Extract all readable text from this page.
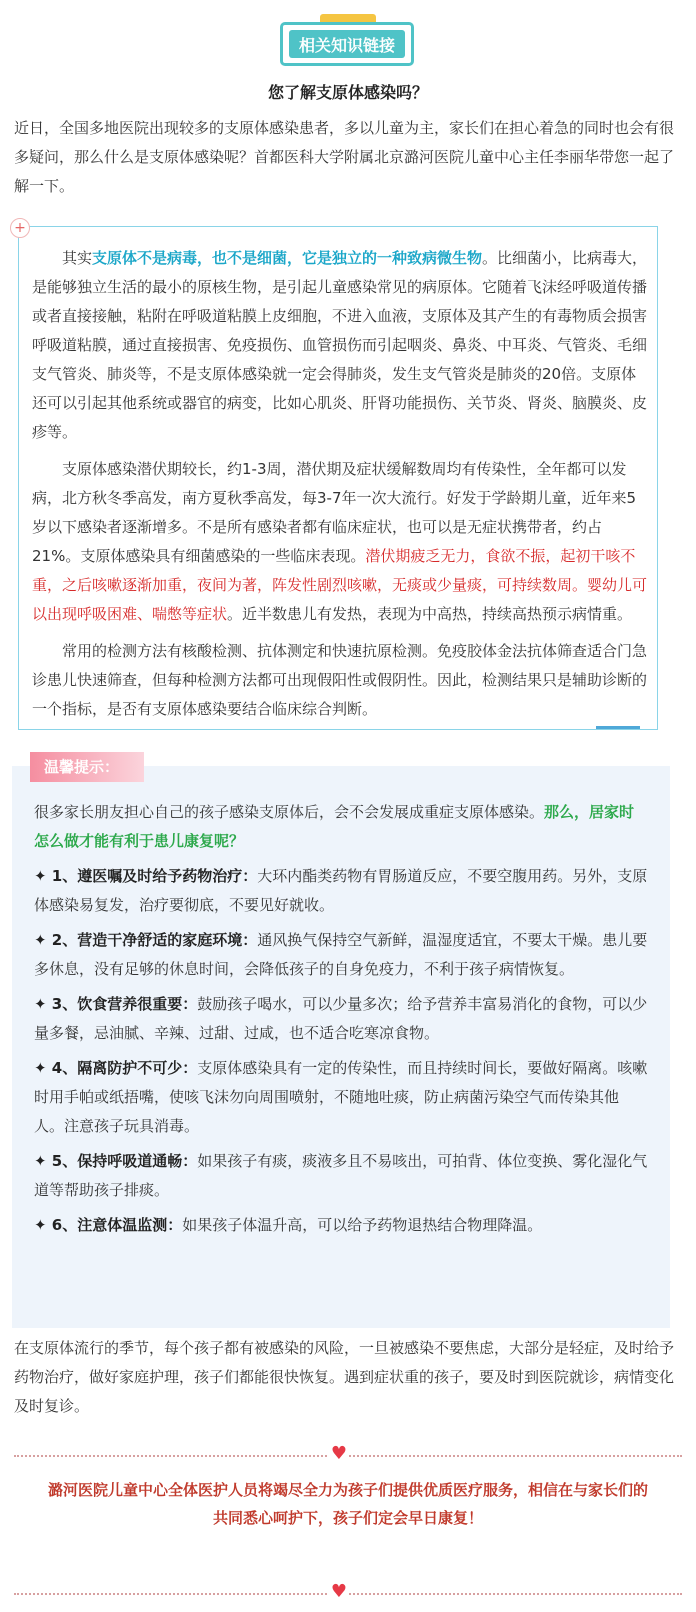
相关知识链接
您了解支原体感染吗？

近日，全国多地医院出现较多的支原体感染患者，多以儿童为主，家长们在担心着急的同时也会有很多疑问，那么什么是支原体感染呢？首都医科大学附属北京潞河医院儿童中心主任李丽华带您一起了解一下。

+

其实支原体不是病毒，也不是细菌，它是独立的一种致病微生物。比细菌小，比病毒大，是能够独立生活的最小的原核生物，是引起儿童感染常见的病原体。它随着飞沫经呼吸道传播或者直接接触，粘附在呼吸道粘膜上皮细胞，不进入血液，支原体及其产生的有毒物质会损害呼吸道粘膜，通过直接损害、免疫损伤、血管损伤而引起咽炎、鼻炎、中耳炎、气管炎、毛细支气管炎、肺炎等，不是支原体感染就一定会得肺炎，发生支气管炎是肺炎的20倍。支原体还可以引起其他系统或器官的病变，比如心肌炎、肝肾功能损伤、关节炎、肾炎、脑膜炎、皮疹等。

支原体感染潜伏期较长，约1-3周，潜伏期及症状缓解数周均有传染性，全年都可以发病，北方秋冬季高发，南方夏秋季高发，每3-7年一次大流行。好发于学龄期儿童，近年来5岁以下感染者逐渐增多。不是所有感染者都有临床症状，也可以是无症状携带者，约占21%。支原体感染具有细菌感染的一些临床表现。潜伏期疲乏无力，食欲不振，起初干咳不重，之后咳嗽逐渐加重，夜间为著，阵发性剧烈咳嗽，无痰或少量痰，可持续数周。婴幼儿可以出现呼吸困难、喘憋等症状。近半数患儿有发热，表现为中高热，持续高热预示病情重。

常用的检测方法有核酸检测、抗体测定和快速抗原检测。免疫胶体金法抗体筛查适合门急诊患儿快速筛查，但每种检测方法都可出现假阳性或假阴性。因此，检测结果只是辅助诊断的一个指标，是否有支原体感染要结合临床综合判断。

温馨提示：

很多家长朋友担心自己的孩子感染支原体后，会不会发展成重症支原体感染。那么，居家时怎么做才能有利于患儿康复呢？

✦ 1、遵医嘱及时给予药物治疗：大环内酯类药物有胃肠道反应，不要空腹用药。另外，支原体感染易复发，治疗要彻底，不要见好就收。

✦ 2、营造干净舒适的家庭环境：通风换气保持空气新鲜，温湿度适宜，不要太干燥。患儿要多休息，没有足够的休息时间，会降低孩子的自身免疫力，不利于孩子病情恢复。

✦ 3、饮食营养很重要：鼓励孩子喝水，可以少量多次；给予营养丰富易消化的食物，可以少量多餐，忌油腻、辛辣、过甜、过咸，也不适合吃寒凉食物。

✦ 4、隔离防护不可少：支原体感染具有一定的传染性，而且持续时间长，要做好隔离。咳嗽时用手帕或纸捂嘴，使咳飞沫勿向周围喷射，不随地吐痰，防止病菌污染空气而传染其他人。注意孩子玩具消毒。

✦ 5、保持呼吸道通畅：如果孩子有痰，痰液多且不易咳出，可拍背、体位变换、雾化湿化气道等帮助孩子排痰。

✦ 6、注意体温监测：如果孩子体温升高，可以给予药物退热结合物理降温。

在支原体流行的季节，每个孩子都有被感染的风险，一旦被感染不要焦虑，大部分是轻症，及时给予药物治疗，做好家庭护理，孩子们都能很快恢复。遇到症状重的孩子，要及时到医院就诊，病情变化及时复诊。

♥
潞河医院儿童中心全体医护人员将竭尽全力为孩子们提供优质医疗服务，相信在与家长们的
共同悉心呵护下，孩子们定会早日康复！
♥
